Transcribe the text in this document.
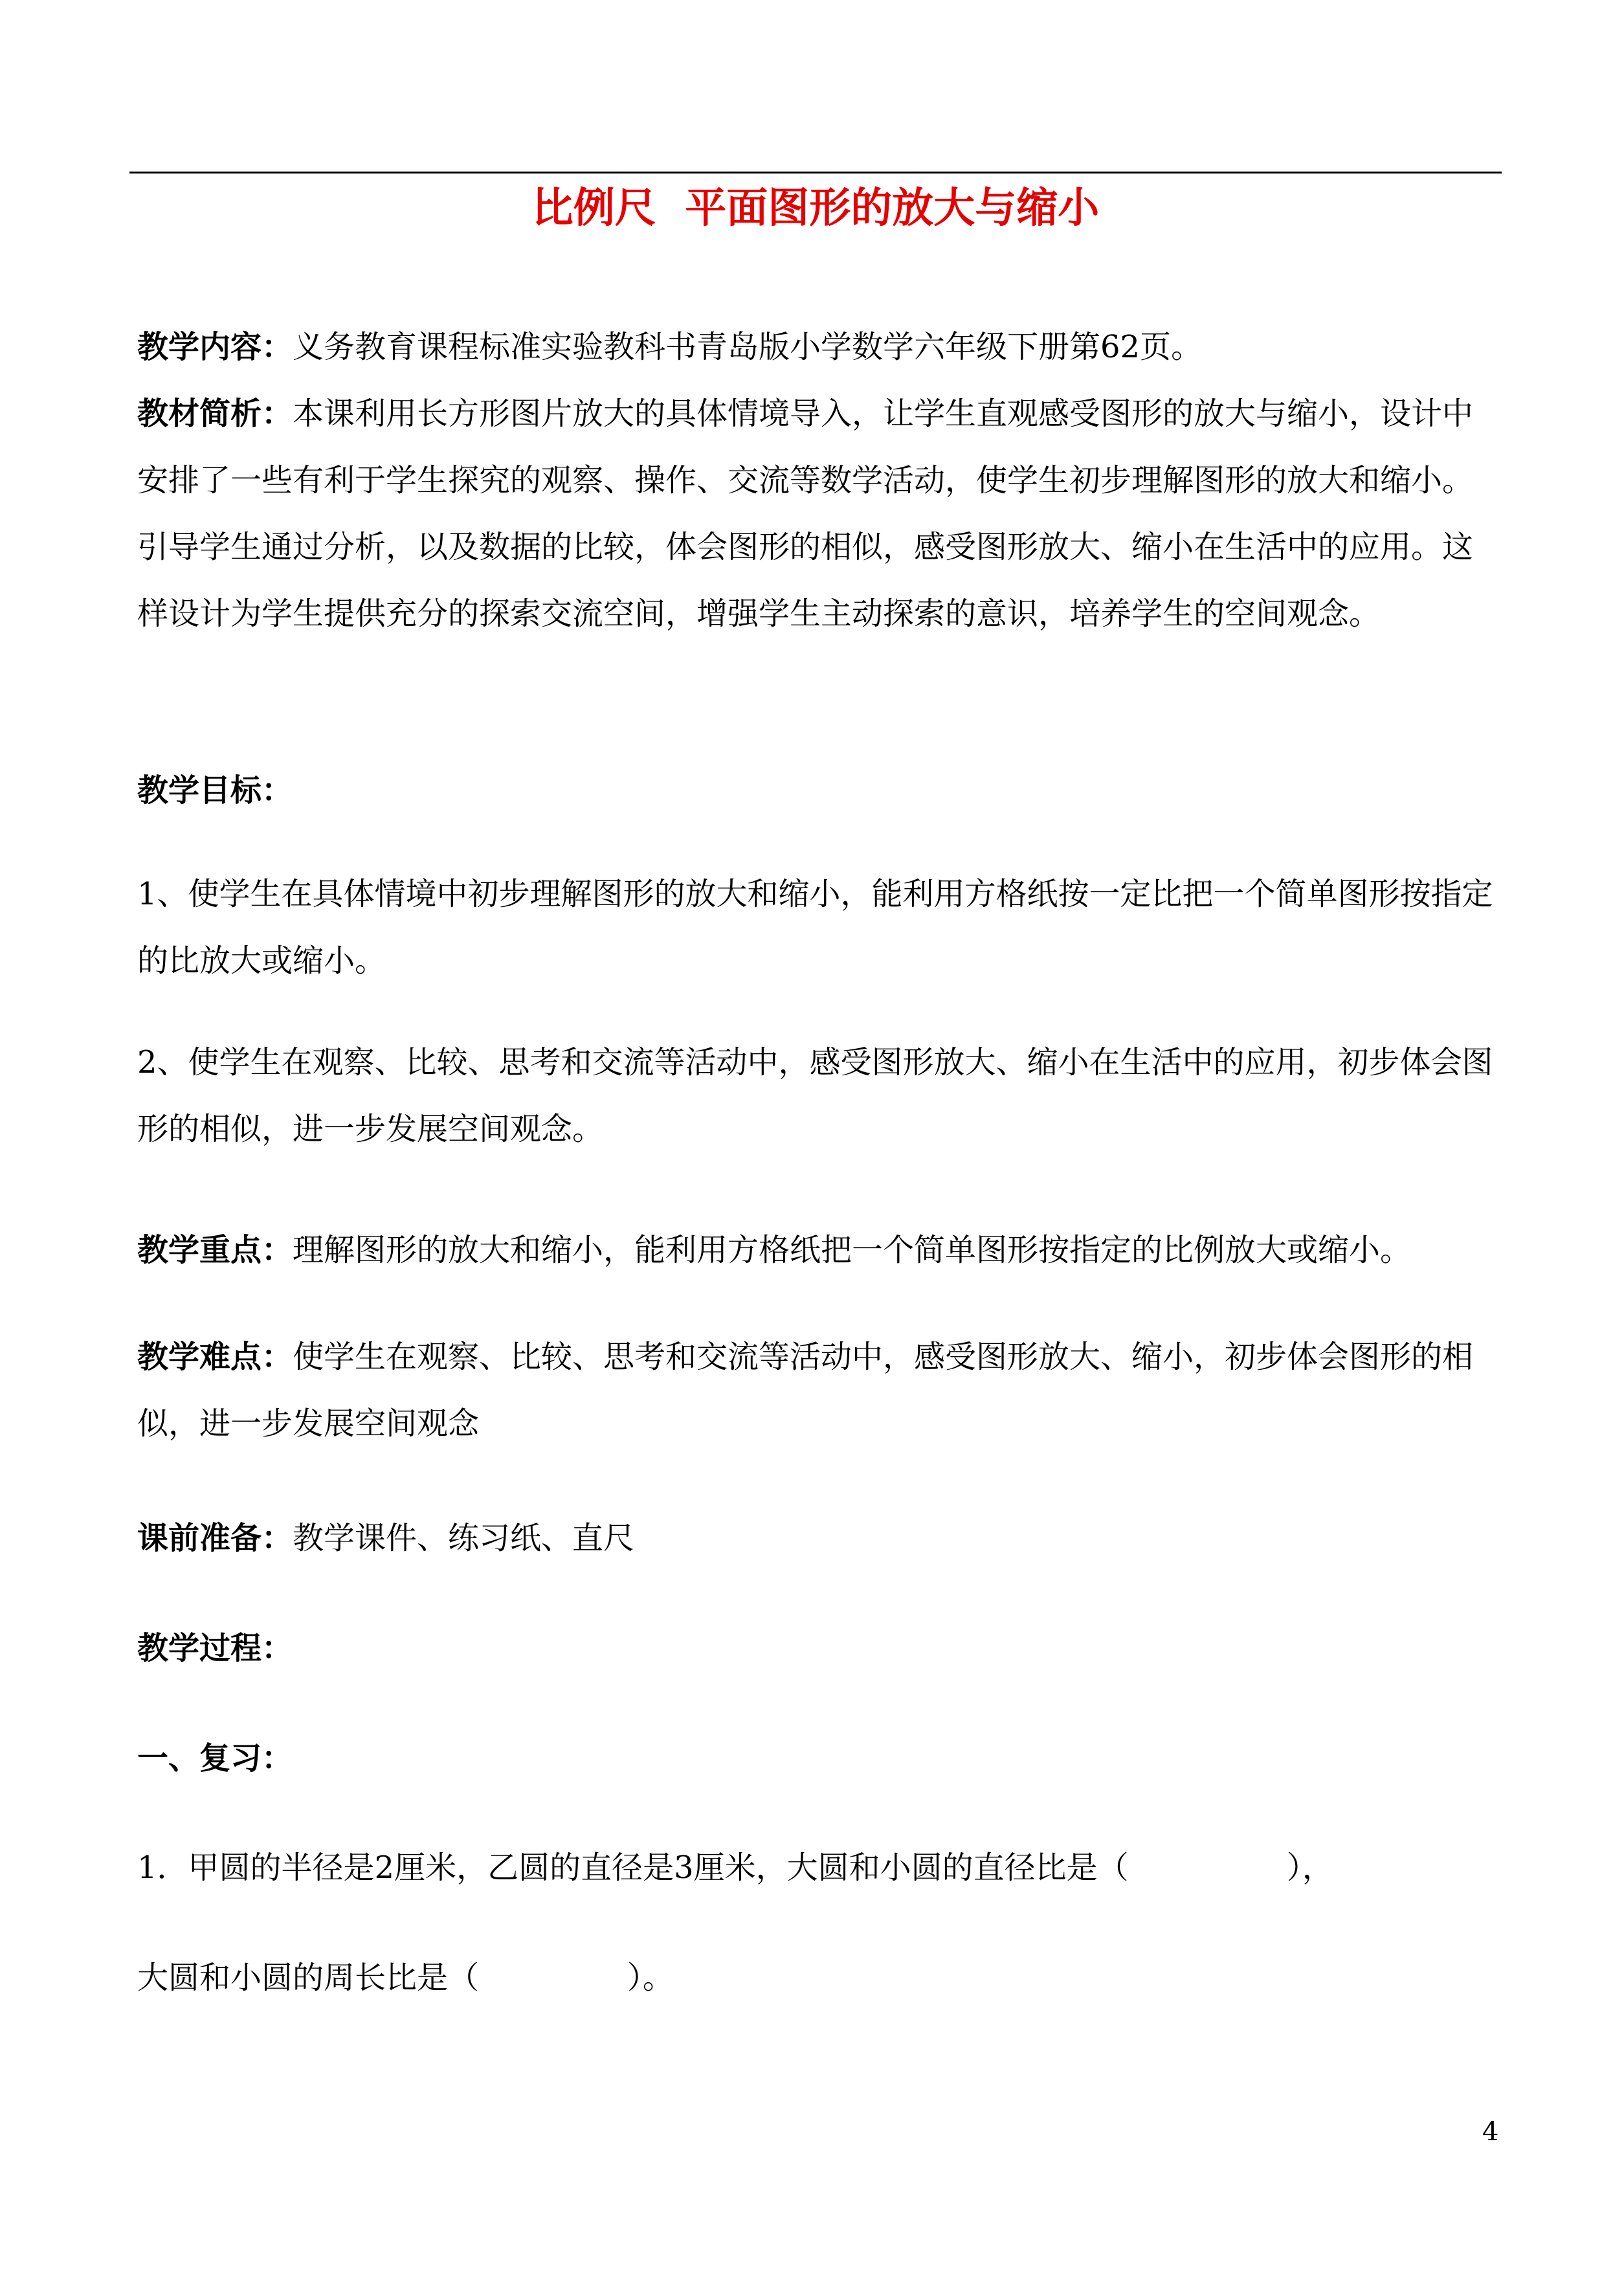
比例尺  平面图形的放大与缩小
教学内容：义务教育课程标准实验教科书青岛版小学数学六年级下册第62页。
教材简析：本课利用长方形图片放大的具体情境导入，让学生直观感受图形的放大与缩小，设计中安排了一些有利于学生探究的观察、操作、交流等数学活动，使学生初步理解图形的放大和缩小。引导学生通过分析，以及数据的比较，体会图形的相似，感受图形放大、缩小在生活中的应用。这样设计为学生提供充分的探索交流空间，增强学生主动探索的意识，培养学生的空间观念。
教学目标：
1、使学生在具体情境中初步理解图形的放大和缩小，能利用方格纸按一定比把一个简单图形按指定的比放大或缩小。
2、使学生在观察、比较、思考和交流等活动中，感受图形放大、缩小在生活中的应用，初步体会图形的相似，进一步发展空间观念。
教学重点：理解图形的放大和缩小，能利用方格纸把一个简单图形按指定的比例放大或缩小。
教学难点：使学生在观察、比较、思考和交流等活动中，感受图形放大、缩小，初步体会图形的相似，进一步发展空间观念
课前准备：教学课件、练习纸、直尺
教学过程：
一、复习：
1．甲圆的半径是2厘米，乙圆的直径是3厘米，大圆和小圆的直径比是（                ），
大圆和小圆的周长比是（               ）。
4
